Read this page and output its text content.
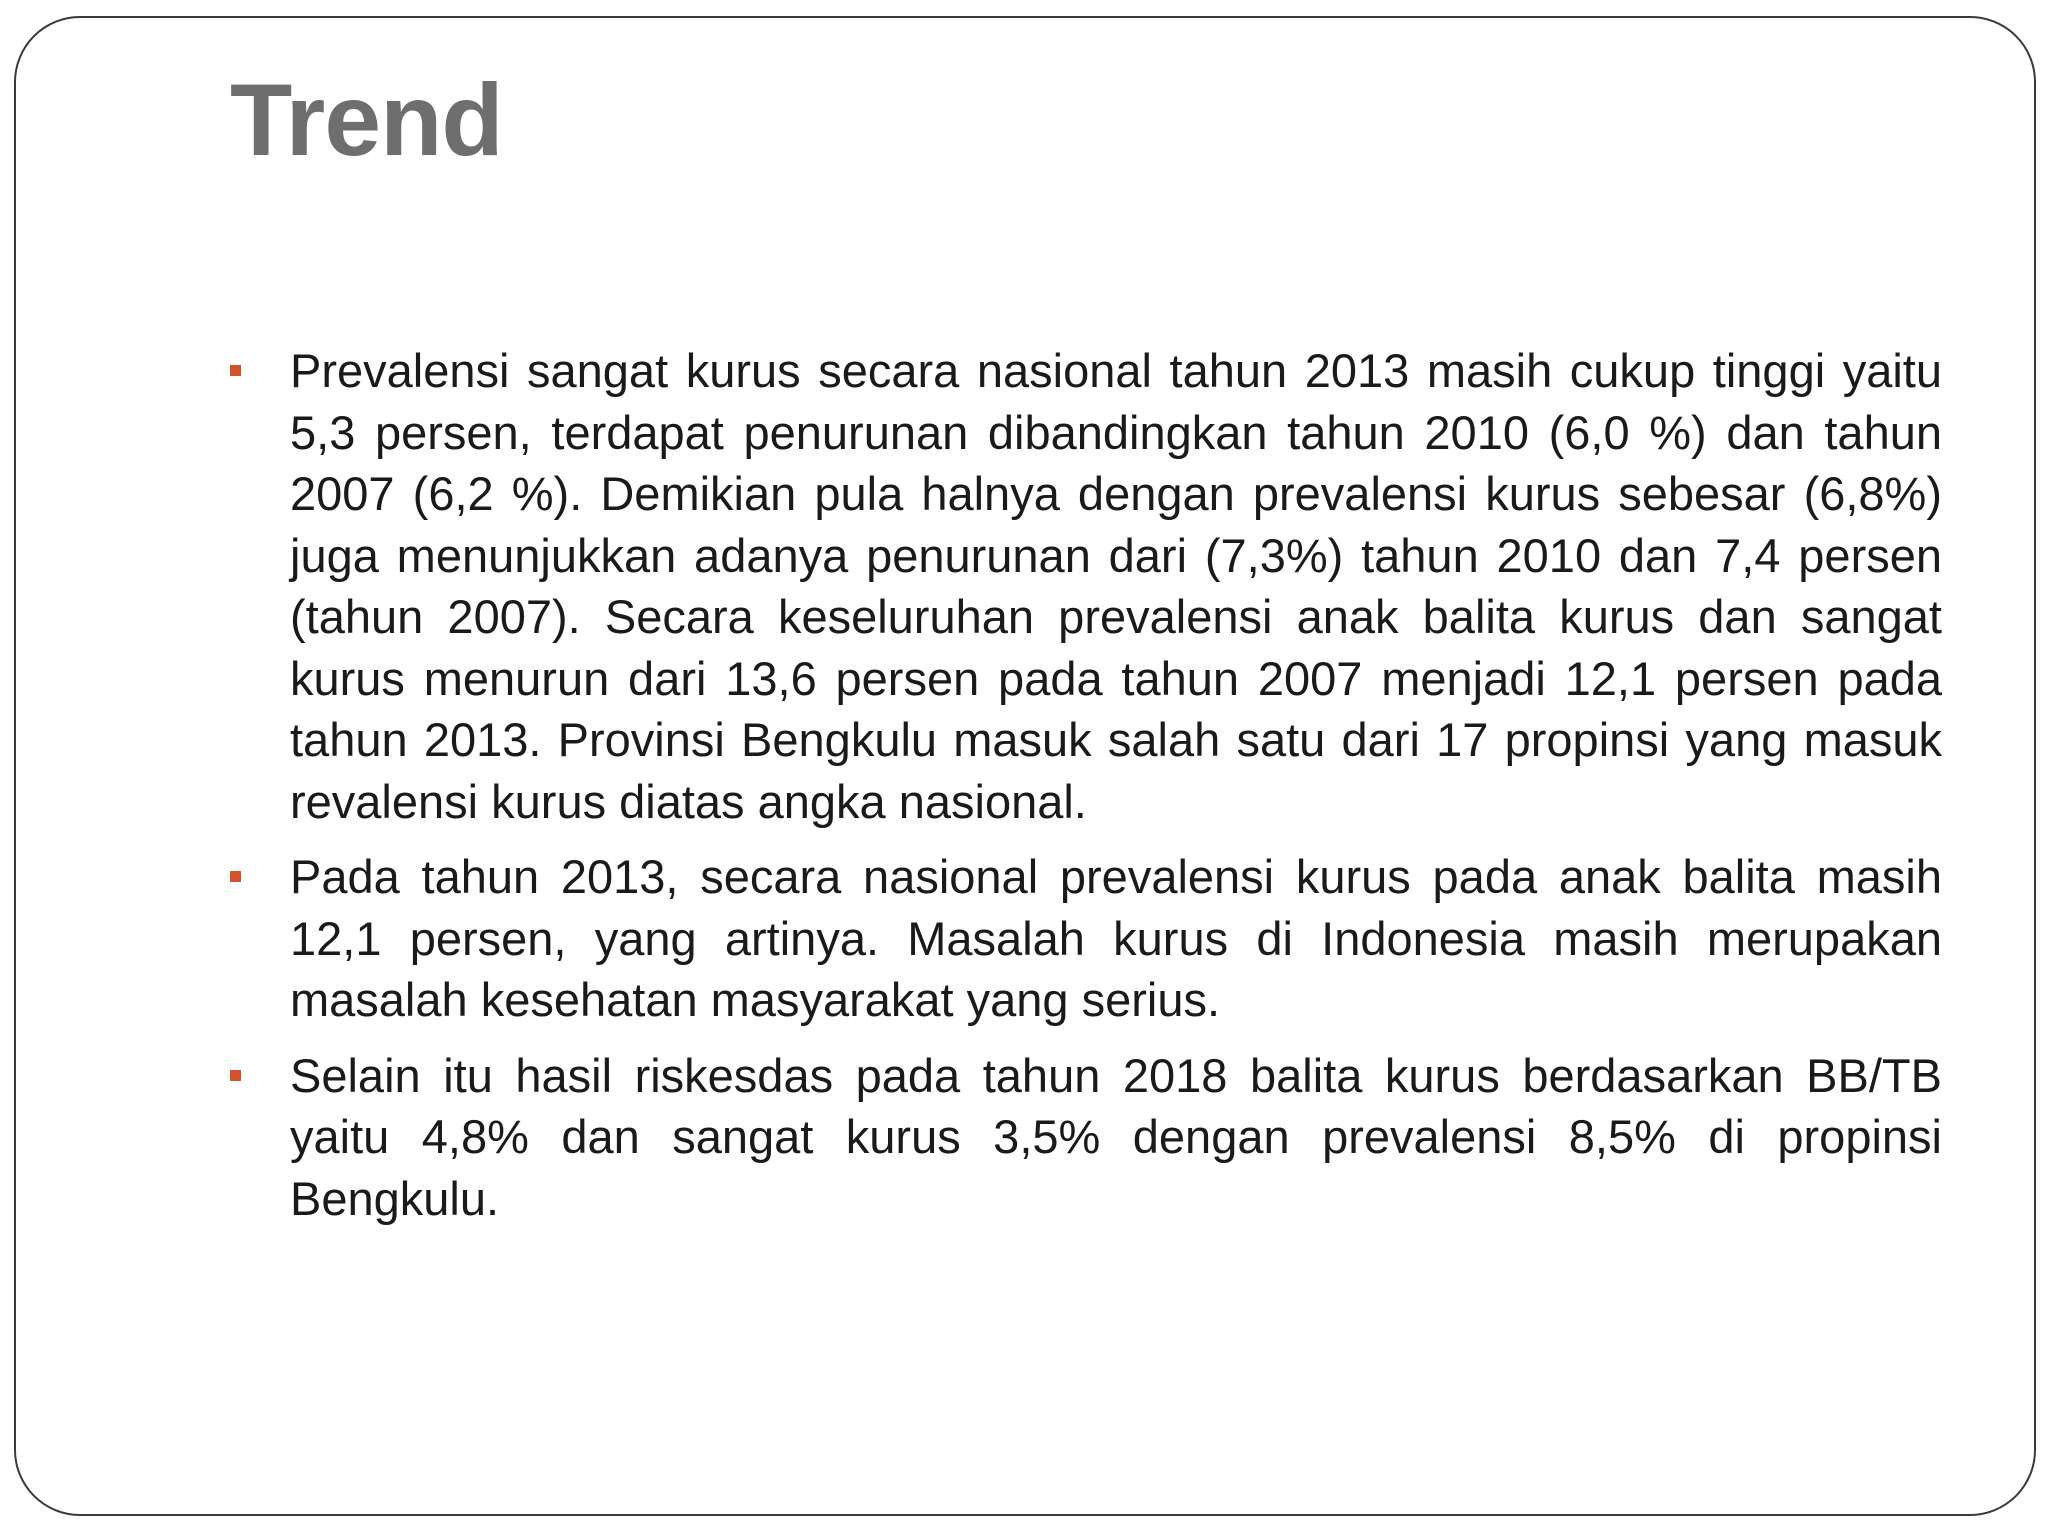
Trend
Prevalensi sangat kurus secara nasional tahun 2013 masih cukup tinggi yaitu 5,3 persen, terdapat penurunan dibandingkan tahun 2010 (6,0 %) dan tahun 2007 (6,2 %). Demikian pula halnya dengan prevalensi kurus sebesar (6,8%) juga menunjukkan adanya penurunan dari (7,3%) tahun 2010 dan 7,4 persen (tahun 2007). Secara keseluruhan prevalensi anak balita kurus dan sangat kurus menurun dari 13,6 persen pada tahun 2007 menjadi 12,1 persen pada tahun 2013. Provinsi Bengkulu masuk salah satu dari 17 propinsi yang masuk revalensi kurus diatas angka nasional.
Pada tahun 2013, secara nasional prevalensi kurus pada anak balita masih 12,1 persen, yang artinya. Masalah kurus di Indonesia masih merupakan masalah kesehatan masyarakat yang serius.
Selain itu hasil riskesdas pada tahun 2018 balita kurus berdasarkan BB/TB yaitu 4,8% dan sangat kurus 3,5% dengan prevalensi 8,5% di propinsi Bengkulu.
